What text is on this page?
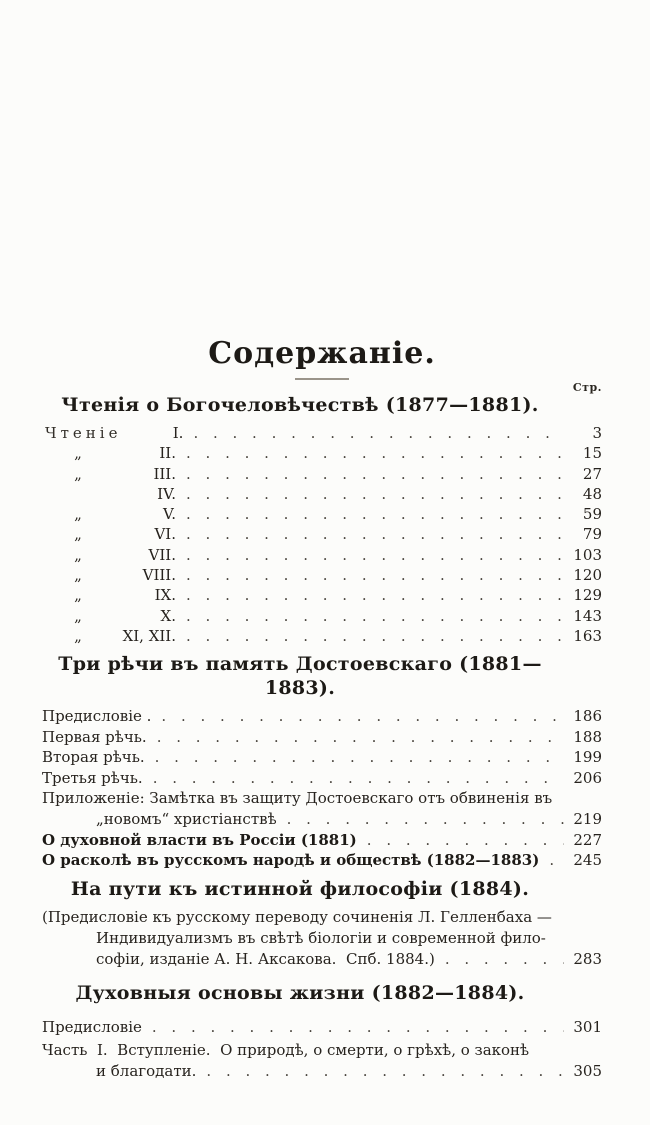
Содержаніе.
Стр.
Чтенія о Богочеловѣчествѣ (1877—1881).
Чтеніе	I. . . .	3
„	II. . . .	15
„	III. . . .	27
IV. . . .	48
„	V. . . .	59
„	VI. . . .	79
„	VII. . . .	103
„	VIII. . . .	120
„	IX. . . .	129
„	X. . . .	143
„	XI, XII. . . .	163
Три рѣчи въ память Достоевскаго (1881—1883).
Предисловіе . . . .	186
Первая рѣчь. . . .	188
Вторая рѣчь. . . .	199
Третья рѣчь. . . .	206
Приложеніе: Замѣтка въ защиту Достоевскаго отъ обвиненія въ
„новомъ“ христіанствѣ . . .	219
О духовной власти въ Россіи (1881) . . .	227
О расколѣ въ русскомъ народѣ и обществѣ (1882—1883) . . . 245
На пути къ истинной философіи (1884).
(Предисловіе къ русскому переводу сочиненія Л. Гелленбаха —
Индивидуализмъ въ свѣтѣ біологіи и современной фило-
софіи, изданіе А. Н. Аксакова.  Спб. 1884.) . . .	283
Духовныя основы жизни (1882—1884).
Предисловіе . . .	301
Часть  I.  Вступленіе.  О природѣ, о смерти, о грѣхѣ, о законѣ
и благодати. . . .	305
